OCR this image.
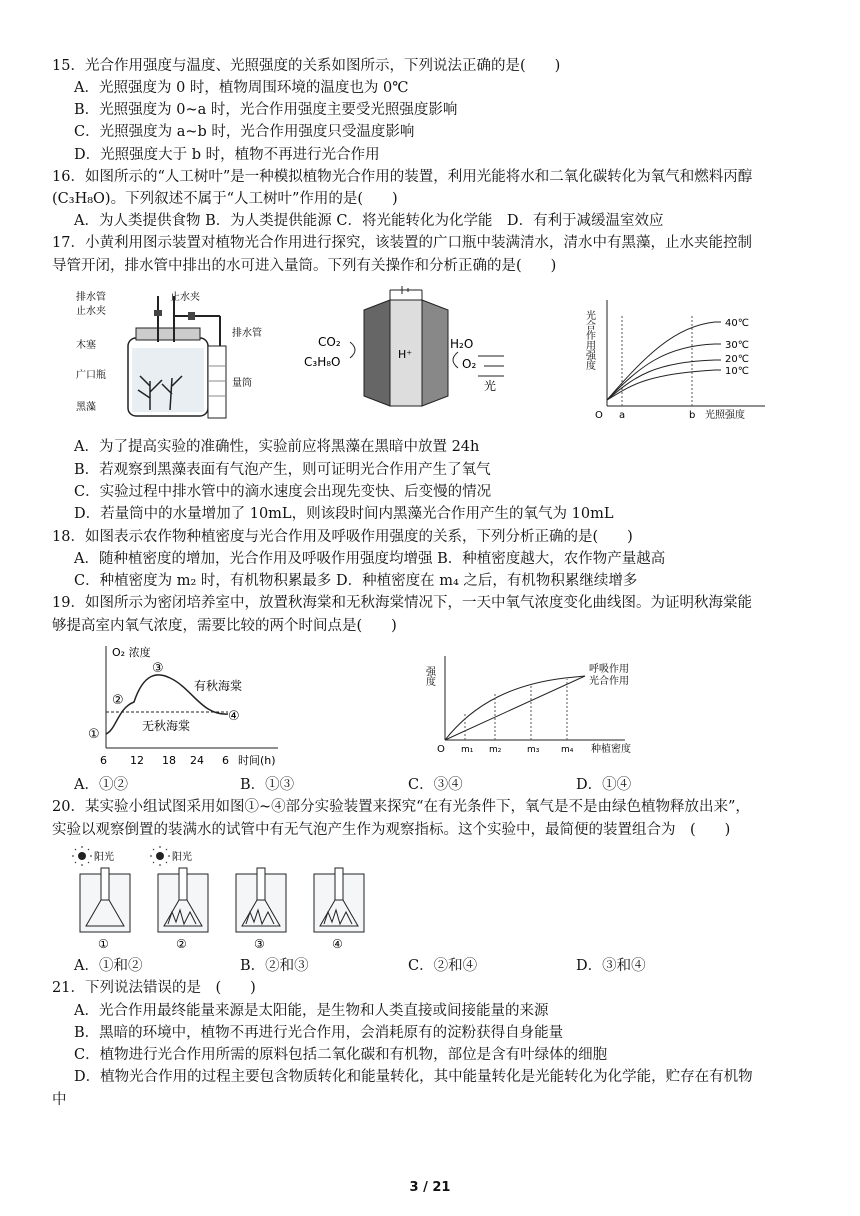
15．光合作用强度与温度、光照强度的关系如图所示，下列说法正确的是(　　)
A．光照强度为 0 时，植物周围环境的温度也为 0℃
B．光照强度为 0~a 时，光合作用强度主要受光照强度影响
C．光照强度为 a~b 时，光合作用强度只受温度影响
D．光照强度大于 b 时，植物不再进行光合作用
16．如图所示的“人工树叶”是一种模拟植物光合作用的装置，利用光能将水和二氧化碳转化为氧气和燃料丙醇
(C₃H₈O)。下列叙述不属于“人工树叶”作用的是(　　)
A．为人类提供食物 B．为人类提供能源 C．将光能转化为化学能　D．有利于减缓温室效应
17．小黄利用图示装置对植物光合作用进行探究，该装置的广口瓶中装满清水，清水中有黑藻，止水夹能控制
导管开闭，排水管中排出的水可进入量筒。下列有关操作和分析正确的是(　　)
排水管
止水夹
止水夹
排水管
木塞
广口瓶
量筒
黑藻
H⁺
CO₂
C₃H₈O
H₂O
O₂
光
光合作用强度
O a	b 光照强度
40℃
30℃
20℃
10℃
A．为了提高实验的准确性，实验前应将黑藻在黑暗中放置 24h
B．若观察到黑藻表面有气泡产生，则可证明光合作用产生了氧气
C．实验过程中排水管中的滴水速度会出现先变快、后变慢的情况
D．若量筒中的水量增加了 10mL，则该段时间内黑藻光合作用产生的氧气为 10mL
18．如图表示农作物种植密度与光合作用及呼吸作用强度的关系，下列分析正确的是(　　)
A．随种植密度的增加，光合作用及呼吸作用强度均增强 B．种植密度越大，农作物产量越高
C．种植密度为 m₂ 时，有机物积累最多 D．种植密度在 m₄ 之后，有机物积累继续增多
19．如图所示为密闭培养室中，放置秋海棠和无秋海棠情况下，一天中氧气浓度变化曲线图。为证明秋海棠能
够提高室内氧气浓度，需要比较的两个时间点是(　　)
O₂ 浓度
时间(h)
6 12 18 24 6
①
②
③
④
有秋海棠
无秋海棠
强度
O m₁ m₂	m₃ m₄ 种植密度
呼吸作用
光合作用
A．①②	B．①③	C．③④	D．①④
20．某实验小组试图采用如图①~④部分实验装置来探究“在有光条件下，氧气是不是由绿色植物释放出来”，
实验以观察倒置的装满水的试管中有无气泡产生作为观察指标。这个实验中，最简便的装置组合为　(　　)
阳光	阳光
①	②	③	④
A．①和②	B．②和③	C．②和④	D．③和④
21．下列说法错误的是　(　　)
A．光合作用最终能量来源是太阳能，是生物和人类直接或间接能量的来源
B．黑暗的环境中，植物不再进行光合作用，会消耗原有的淀粉获得自身能量
C．植物进行光合作用所需的原料包括二氧化碳和有机物，部位是含有叶绿体的细胞
D．植物光合作用的过程主要包含物质转化和能量转化，其中能量转化是光能转化为化学能，贮存在有机物
中
3 / 21
